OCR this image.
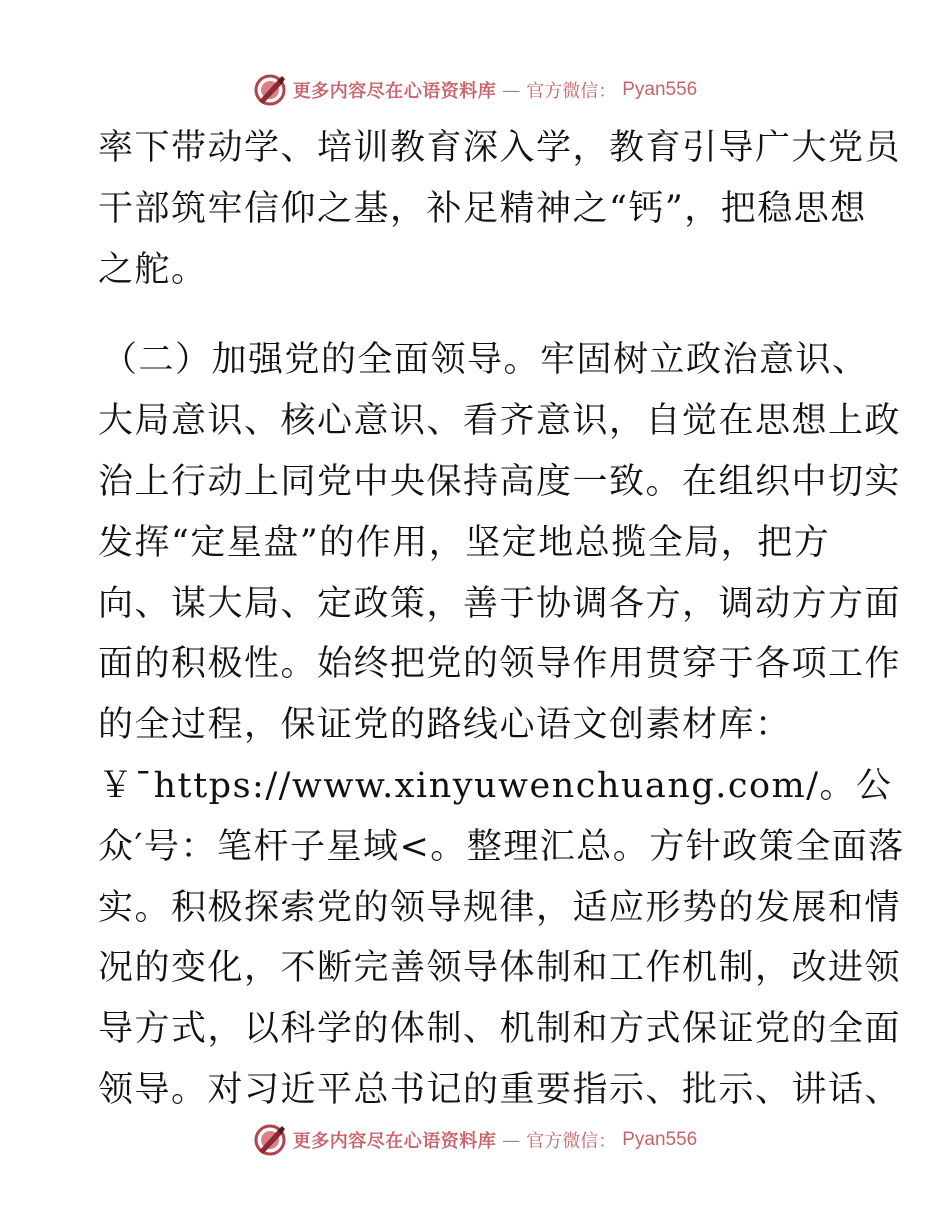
更多内容尽在心语资料库 — 官方微信： Pyan556
率下带动学、培训教育深入学，教育引导广大党员
干部筑牢信仰之基，补足精神之“钙”，把稳思想
之舵。
（二）加强党的全面领导。牢固树立政治意识、
大局意识、核心意识、看齐意识，自觉在思想上政
治上行动上同党中央保持高度一致。在组织中切实
发挥“定星盘”的作用，坚定地总揽全局，把方
向、谋大局、定政策，善于协调各方，调动方方面
面的积极性。始终把党的领导作用贯穿于各项工作
的全过程，保证党的路线心语文创素材库：
￥¯https://www.xinyuwenchuang.com/。公
众′号：笔杆子星域<。整理汇总。方针政策全面落
实。积极探索党的领导规律，适应形势的发展和情
况的变化，不断完善领导体制和工作机制，改进领
导方式，以科学的体制、机制和方式保证党的全面
领导。对习近平总书记的重要指示、批示、讲话、
更多内容尽在心语资料库 — 官方微信： Pyan556
